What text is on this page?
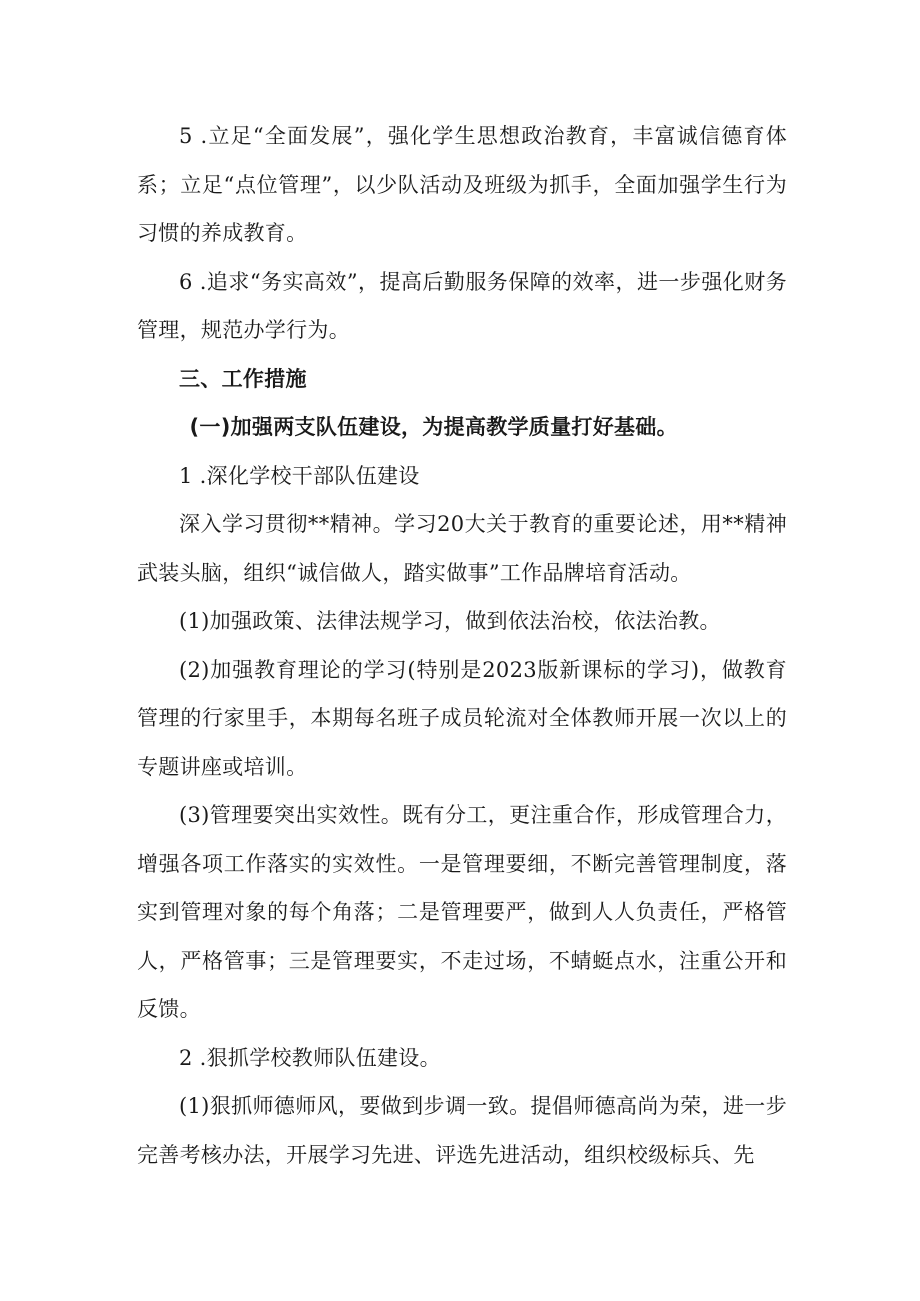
5 .立足“全面发展”，强化学生思想政治教育，丰富诚信德育体系；立足“点位管理”，以少队活动及班级为抓手，全面加强学生行为习惯的养成教育。

6 .追求“务实高效”，提高后勤服务保障的效率，进一步强化财务管理，规范办学行为。

三、工作措施

(一)加强两支队伍建设，为提高教学质量打好基础。

1 .深化学校干部队伍建设

深入学习贯彻**精神。学习20大关于教育的重要论述，用**精神武装头脑，组织“诚信做人，踏实做事”工作品牌培育活动。

(1)加强政策、法律法规学习，做到依法治校，依法治教。

(2)加强教育理论的学习(特别是2023版新课标的学习)，做教育管理的行家里手，本期每名班子成员轮流对全体教师开展一次以上的专题讲座或培训。

(3)管理要突出实效性。既有分工，更注重合作，形成管理合力，增强各项工作落实的实效性。一是管理要细，不断完善管理制度，落实到管理对象的每个角落；二是管理要严，做到人人负责任，严格管人，严格管事；三是管理要实，不走过场，不蜻蜓点水，注重公开和反馈。

2 .狠抓学校教师队伍建设。

(1)狠抓师德师风，要做到步调一致。提倡师德高尚为荣，进一步完善考核办法，开展学习先进、评选先进活动，组织校级标兵、先
